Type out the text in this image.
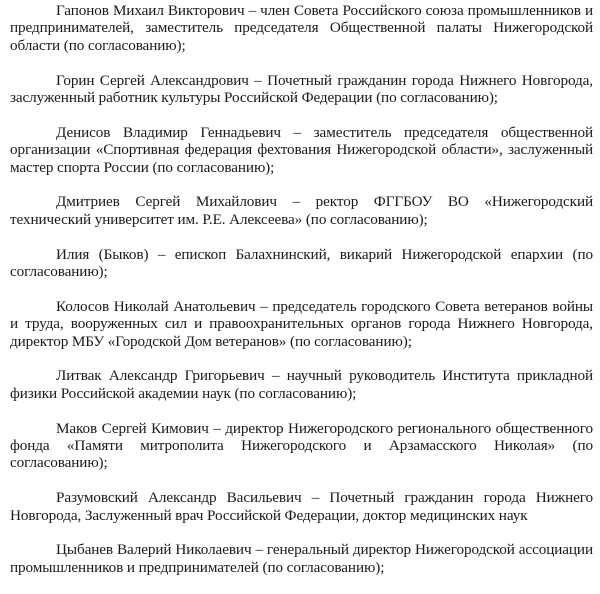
Гапонов Михаил Викторович – член Совета Российского союза промышленников и предпринимателей, заместитель председателя Общественной палаты Нижегородской области (по согласованию);

Горин Сергей Александрович – Почетный гражданин города Нижнего Новгорода, заслуженный работник культуры Российской Федерации (по согласованию);

Денисов Владимир Геннадьевич – заместитель председателя общественной организации «Спортивная федерация фехтования Нижегородской области», заслуженный мастер спорта России (по согласованию);

Дмитриев Сергей Михайлович – ректор ФГГБОУ ВО «Нижегородский технический университет им. Р.Е. Алексеева» (по согласованию);

Илия (Быков) – епископ Балахнинский, викарий Нижегородской епархии (по согласованию);

Колосов Николай Анатольевич – председатель городского Совета ветеранов войны и труда, вооруженных сил и правоохранительных органов города Нижнего Новгорода, директор МБУ «Городской Дом ветеранов» (по согласованию);

Литвак Александр Григорьевич – научный руководитель Института прикладной физики Российской академии наук (по согласованию);

Маков Сергей Кимович – директор Нижегородского регионального общественного фонда «Памяти митрополита Нижегородского и Арзамасского Николая» (по согласованию);

Разумовский Александр Васильевич – Почетный гражданин города Нижнего Новгорода, Заслуженный врач Российской Федерации, доктор медицинских наук

Цыбанев Валерий Николаевич – генеральный директор Нижегородской ассоциации промышленников и предпринимателей (по согласованию);
